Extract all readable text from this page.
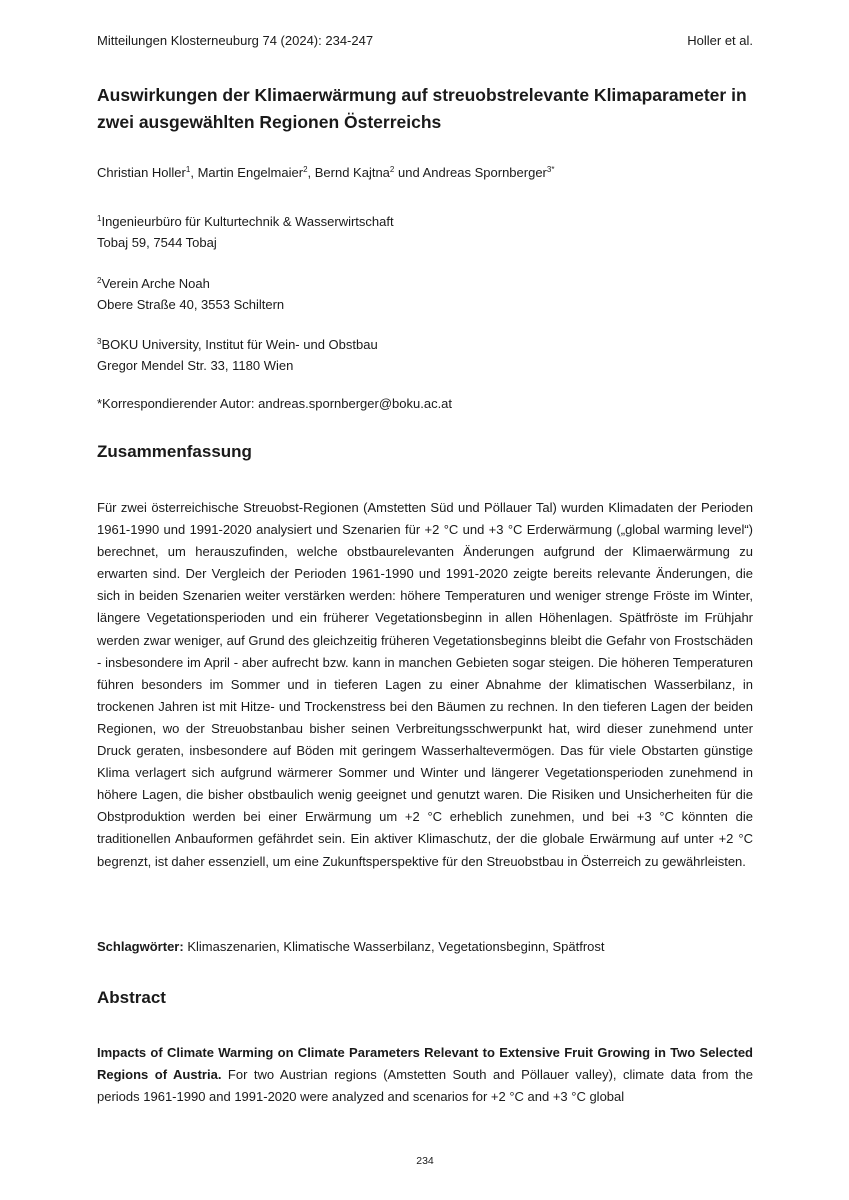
Mitteilungen Klosterneuburg 74 (2024): 234-247	Holler et al.
Auswirkungen der Klimaerwärmung auf streuobstrelevante Klimaparameter in zwei ausgewählten Regionen Österreichs
Christian Holler$^1$, Martin Engelmaier$^2$, Bernd Kajtna$^2$ und Andreas Spornberger$^{3*}$
$^1$Ingenieurbüro für Kulturtechnik & Wasserwirtschaft
Tobaj 59, 7544 Tobaj
$^2$Verein Arche Noah
Obere Straße 40, 3553 Schiltern
$^3$BOKU University, Institut für Wein- und Obstbau
Gregor Mendel Str. 33, 1180 Wien
*Korrespondierender Autor: andreas.spornberger@boku.ac.at
Zusammenfassung

Für zwei österreichische Streuobst-Regionen (Amstetten Süd und Pöllauer Tal) wurden Klimadaten der Perioden 1961-1990 und 1991-2020 analysiert und Szenarien für +2 °C und +3 °C Erderwärmung („global warming level“) berechnet, um herauszufinden, welche obstbaurelevanten Änderungen aufgrund der Klimaerwärmung zu erwarten sind. Der Vergleich der Perioden 1961-1990 und 1991-2020 zeigte bereits relevante Änderungen, die sich in beiden Szenarien weiter verstärken werden: höhere Temperaturen und weniger strenge Fröste im Winter, längere Vegetationsperioden und ein früherer Vegetationsbeginn in allen Höhenlagen. Spätfröste im Frühjahr werden zwar weniger, auf Grund des gleichzeitig früheren Vegetationsbeginns bleibt die Gefahr von Frostschäden - insbesondere im April - aber aufrecht bzw. kann in manchen Gebieten sogar steigen. Die höheren Temperaturen führen besonders im Sommer und in tieferen Lagen zu einer Abnahme der klimatischen Wasserbilanz, in trockenen Jahren ist mit Hitze- und Trockenstress bei den Bäumen zu rechnen. In den tieferen Lagen der beiden Regionen, wo der Streuobstanbau bisher seinen Verbreitungsschwerpunkt hat, wird dieser zunehmend unter Druck geraten, insbesondere auf Böden mit geringem Wasserhaltevermögen. Das für viele Obstarten günstige Klima verlagert sich aufgrund wärmerer Sommer und Winter und längerer Vegetationsperioden zunehmend in höhere Lagen, die bisher obstbaulich wenig geeignet und genutzt waren. Die Risiken und Unsicherheiten für die Obstproduktion werden bei einer Erwärmung um +2 °C erheblich zunehmen, und bei +3 °C könnten die traditionellen Anbauformen gefährdet sein. Ein aktiver Klimaschutz, der die globale Erwärmung auf unter +2 °C begrenzt, ist daher essenziell, um eine Zukunftsperspektive für den Streuobstbau in Österreich zu gewährleisten.

Schlagwörter: Klimaszenarien, Klimatische Wasserbilanz, Vegetationsbeginn, Spätfrost
Abstract

Impacts of Climate Warming on Climate Parameters Relevant to Extensive Fruit Growing in Two Selected Regions of Austria. For two Austrian regions (Amstetten South and Pöllauer valley), climate data from the periods 1961-1990 and 1991-2020 were analyzed and scenarios for +2 °C and +3 °C global

234
